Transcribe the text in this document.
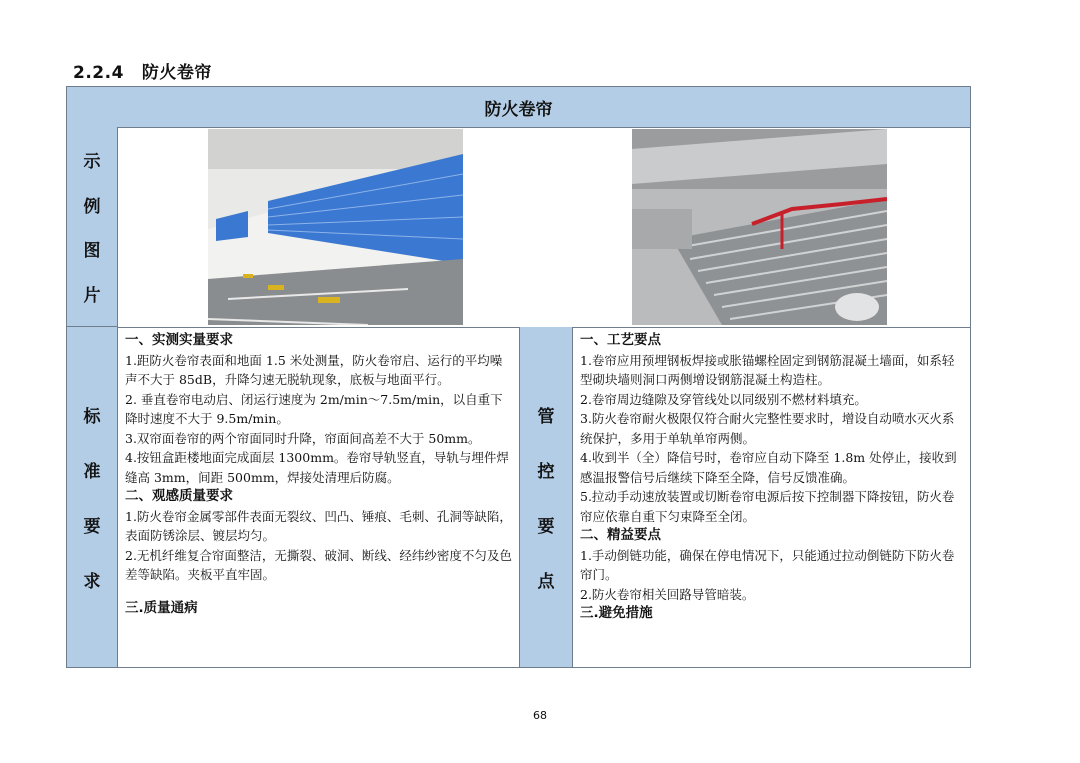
2.2.4 防火卷帘
防火卷帘
示
例
图
片
标
准
要
求
管
控
要
点
一、实测实量要求

1.距防火卷帘表面和地面 1.5 米处测量，防火卷帘启、运行的平均噪声不大于 85dB，升降匀速无脱轨现象，底板与地面平行。

2. 垂直卷帘电动启、闭运行速度为 2m/min～7.5m/min，以自重下降时速度不大于 9.5m/min。

3.双帘面卷帘的两个帘面同时升降，帘面间高差不大于 50mm。

4.按钮盒距楼地面完成面层 1300mm。卷帘导轨竖直，导轨与埋件焊缝高 3mm，间距 500mm，焊接处清理后防腐。

二、观感质量要求

1.防火卷帘金属零部件表面无裂纹、凹凸、锤痕、毛刺、孔洞等缺陷，表面防锈涂层、镀层均匀。

2.无机纤维复合帘面整洁，无撕裂、破洞、断线、经纬纱密度不匀及色差等缺陷。夹板平直牢固。

三.质量通病
一、工艺要点

1.卷帘应用预埋钢板焊接或胀锚螺栓固定到钢筋混凝土墙面，如系轻型砌块墙则洞口两侧增设钢筋混凝土构造柱。

2.卷帘周边缝隙及穿管线处以同级别不燃材料填充。

3.防火卷帘耐火极限仅符合耐火完整性要求时，增设自动喷水灭火系统保护，多用于单轨单帘两侧。

4.收到半（全）降信号时，卷帘应自动下降至 1.8m 处停止，接收到感温报警信号后继续下降至全降，信号反馈准确。

5.拉动手动速放装置或切断卷帘电源后按下控制器下降按钮，防火卷帘应依靠自重下匀束降至全闭。

二、精益要点

1.手动倒链功能，确保在停电情况下，只能通过拉动倒链防下防火卷帘门。

2.防火卷帘相关回路导管暗装。

三.避免措施
68
